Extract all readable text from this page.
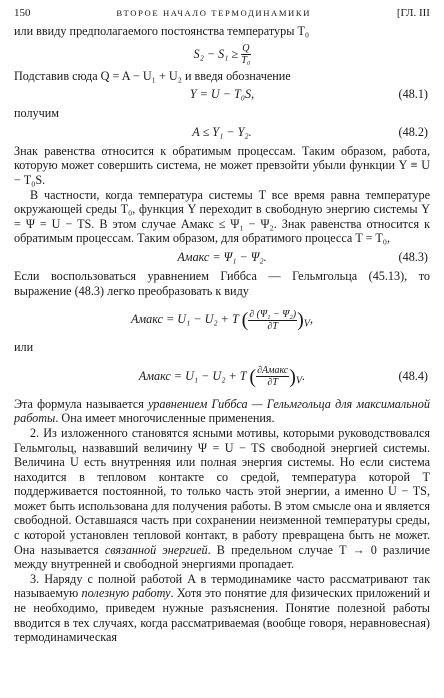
150	ВТОРОЕ НАЧАЛО ТЕРМОДИНАМИКИ	[ГЛ. III

или ввиду предполагаемого постоянства температуры T₀

$S_2 - S_1 \ge \frac{Q}{\text{T₀}}$

Подставив сюда Q = A − U₁ + U₂ и введя обозначение

Y = U − T₀S,	(48.1)

получим

A ≤ Y₁ − Y₂.	(48.2)

Знак равенства относится к обратимым процессам. Таким образом, работа, которую может совершить система, не может превзойти убыли функции Y ≡ U − T₀S.

В частности, когда температура системы T все время равна температуре окружающей среды T₀, функция Y переходит в свободную энергию системы Y = Ψ = U − TS. В этом случае Aмакс ≤ Ψ₁ − Ψ₂. Знак равенства относится к обратимым процессам. Таким образом, для обратимого процесса T = T₀,

Aмакс = Ψ₁ − Ψ₂.	(48.3)

Если воспользоваться уравнением Гиббса — Гельмгольца (45.13), то выражение (48.3) легко преобразовать к виду

Aмакс = U₁ − U₂ + T ( $\frac{\text{∂ (Ψ₁ − Ψ₂)}}{\partial T} )_V$,

или

Aмакс = U₁ − U₂ + T ( ∂Aмакс
∂T )$_V$.	(48.4)

Эта формула называется уравнением Гиббса — Гельмгольца для максимальной работы. Она имеет многочисленные применения.

2. Из изложенного становятся ясными мотивы, которыми руководствовался Гельмгольц, назвавший величину Ψ = U − TS свободной энергией системы. Величина U есть внутренняя или полная энергия системы. Но если система находится в тепловом контакте со средой, температура которой T поддерживается постоянной, то только часть этой энергии, а именно U − TS, может быть использована для получения работы. В этом смысле она и является свободной. Оставшаяся часть при сохранении неизменной температуры среды, с которой установлен тепловой контакт, в работу превращена быть не может. Она называется связанной энергией. В предельном случае T → 0 различие между внутренней и свободной энергиями пропадает.

3. Наряду с полной работой A в термодинамике часто рассматривают так называемую полезную работу. Хотя это понятие для физических приложений и не необходимо, приведем нужные разъяснения. Понятие полезной работы вводится в тех случаях, когда рассматриваемая (вообще говоря, неравновесная) термодинамическая
